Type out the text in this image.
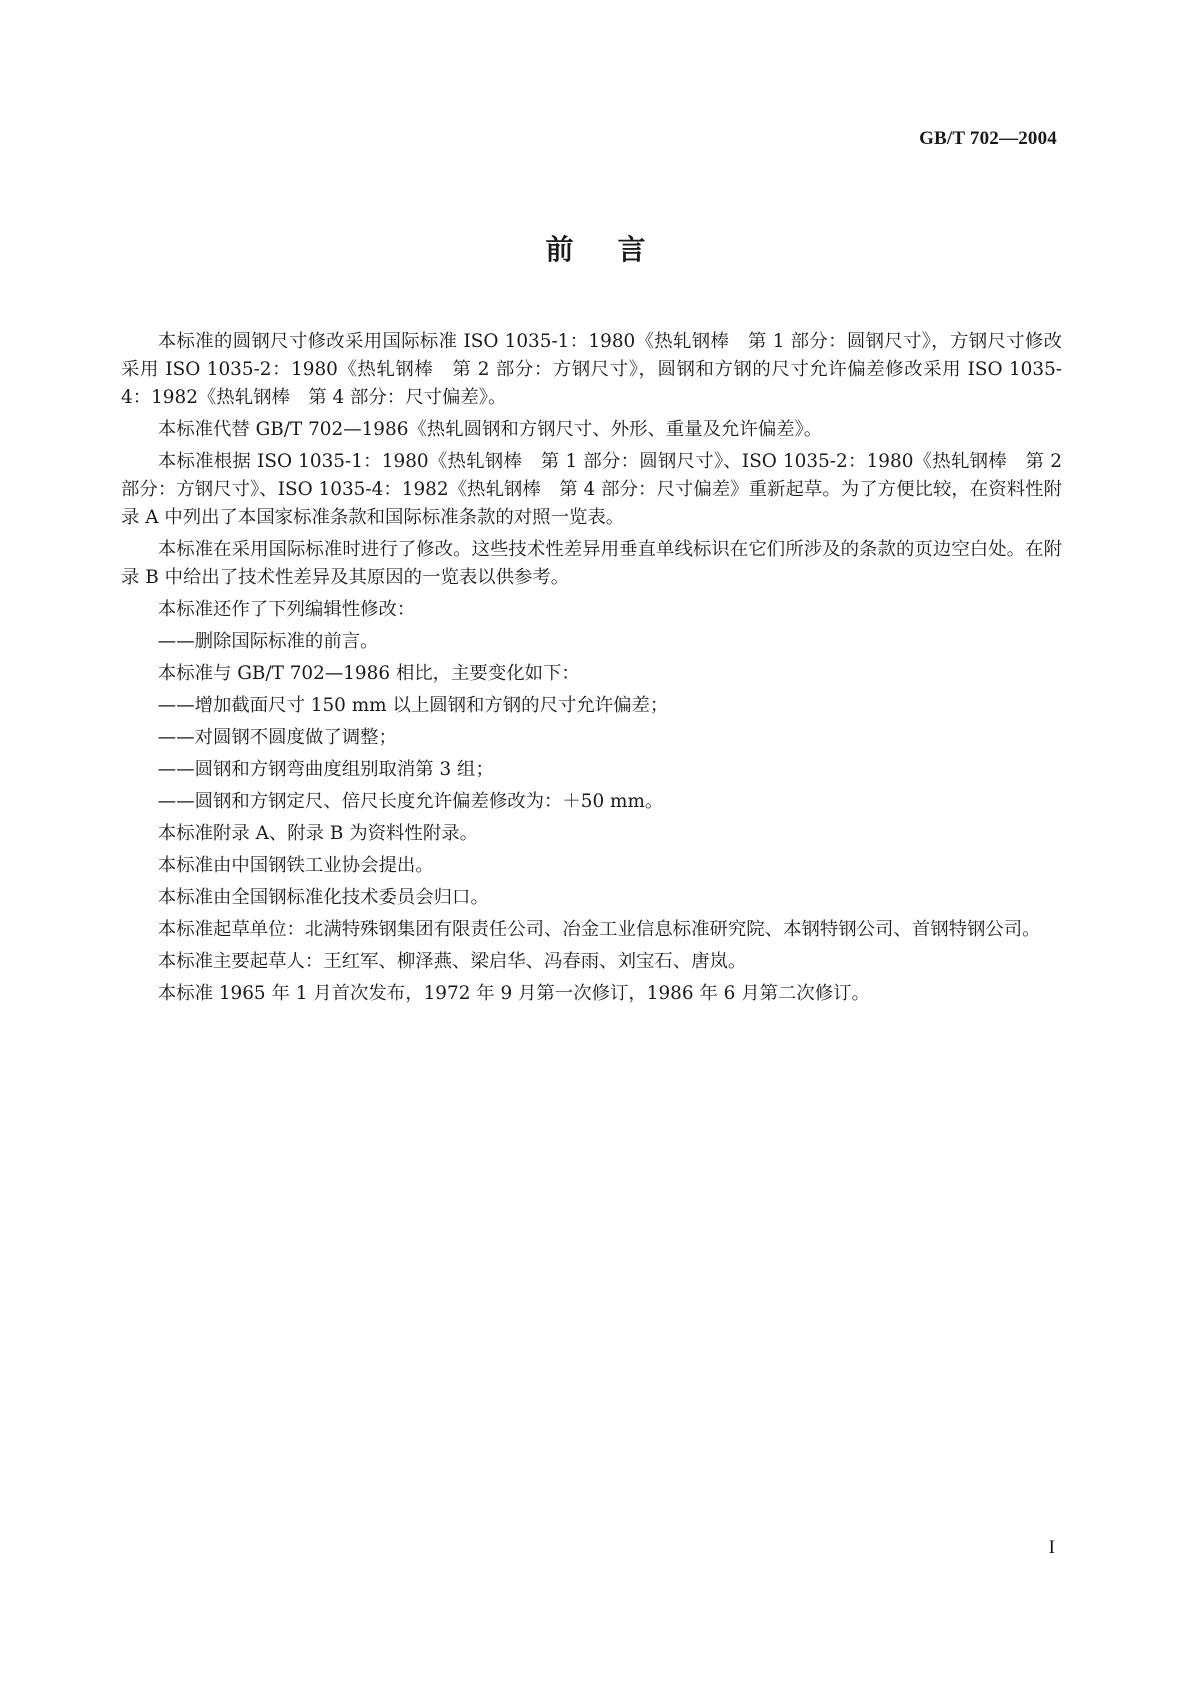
GB/T 702—2004
前言

本标准的圆钢尺寸修改采用国际标准 ISO 1035-1：1980《热轧钢棒　第 1 部分：圆钢尺寸》，方钢尺寸修改采用 ISO 1035-2：1980《热轧钢棒　第 2 部分：方钢尺寸》，圆钢和方钢的尺寸允许偏差修改采用 ISO 1035-4：1982《热轧钢棒　第 4 部分：尺寸偏差》。

本标准代替 GB/T 702—1986《热轧圆钢和方钢尺寸、外形、重量及允许偏差》。

本标准根据 ISO 1035-1：1980《热轧钢棒　第 1 部分：圆钢尺寸》、ISO 1035-2：1980《热轧钢棒　第 2 部分：方钢尺寸》、ISO 1035-4：1982《热轧钢棒　第 4 部分：尺寸偏差》重新起草。为了方便比较，在资料性附录 A 中列出了本国家标准条款和国际标准条款的对照一览表。

本标准在采用国际标准时进行了修改。这些技术性差异用垂直单线标识在它们所涉及的条款的页边空白处。在附录 B 中给出了技术性差异及其原因的一览表以供参考。

本标准还作了下列编辑性修改：

——删除国际标准的前言。

本标准与 GB/T 702—1986 相比，主要变化如下：

——增加截面尺寸 150 mm 以上圆钢和方钢的尺寸允许偏差；

——对圆钢不圆度做了调整；

——圆钢和方钢弯曲度组别取消第 3 组；

——圆钢和方钢定尺、倍尺长度允许偏差修改为：＋50 mm。

本标准附录 A、附录 B 为资料性附录。

本标准由中国钢铁工业协会提出。

本标准由全国钢标准化技术委员会归口。

本标准起草单位：北满特殊钢集团有限责任公司、冶金工业信息标准研究院、本钢特钢公司、首钢特钢公司。

本标准主要起草人：王红军、柳泽燕、梁启华、冯春雨、刘宝石、唐岚。

本标准 1965 年 1 月首次发布，1972 年 9 月第一次修订，1986 年 6 月第二次修订。

I
